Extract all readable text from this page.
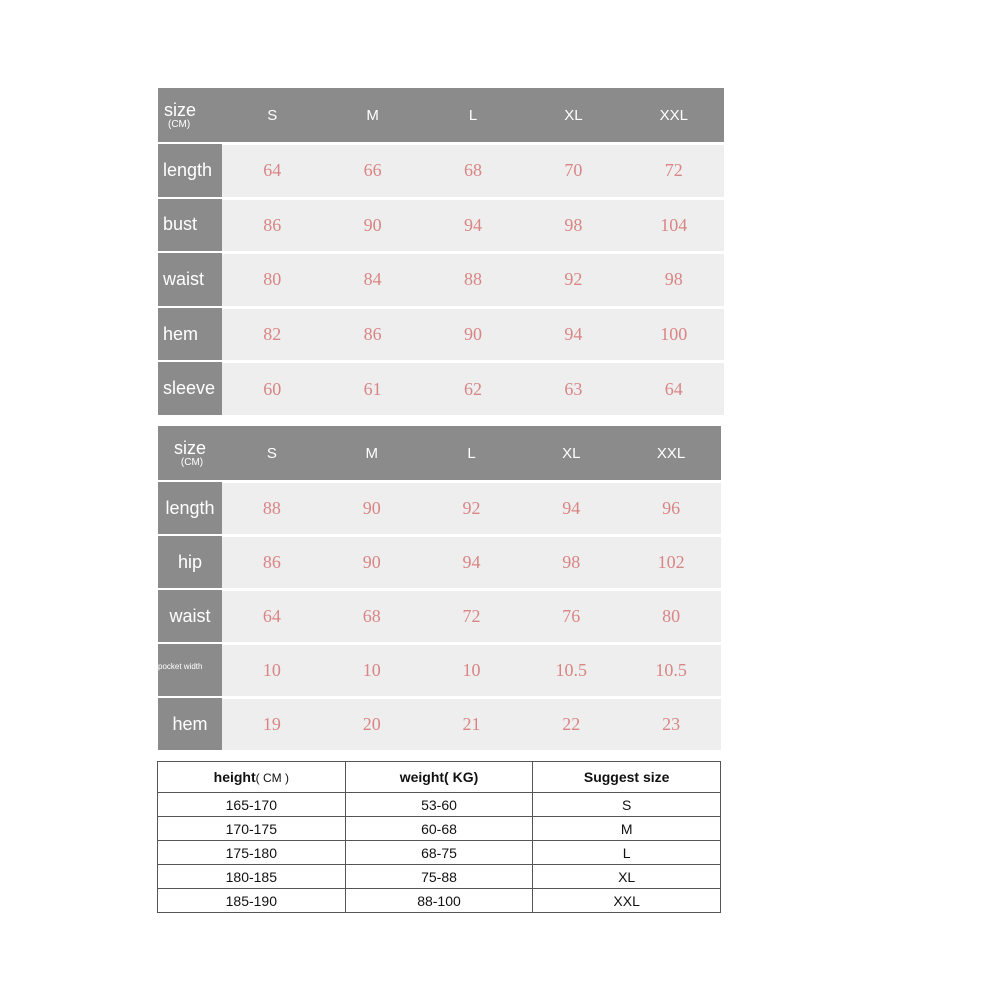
size
(CM)
S	M	L	XL	XXL
length	64	66	68	70	72
bust	86	90	94	98	104
waist	80	84	88	92	98
hem	82	86	90	94	100
sleeve	60	61	62	63	64
size
(CM)
S	M	L	XL	XXL
length	88	90	92	94	96
hip	86	90	94	98	102
waist	64	68	72	76	80
pocket width	10	10	10	10.5	10.5
hem	19	20	21	22	23
height( CM )	weight( KG)	Suggest size
165-170	53-60	S
170-175	60-68	M
175-180	68-75	L
180-185	75-88	XL
185-190	88-100	XXL
